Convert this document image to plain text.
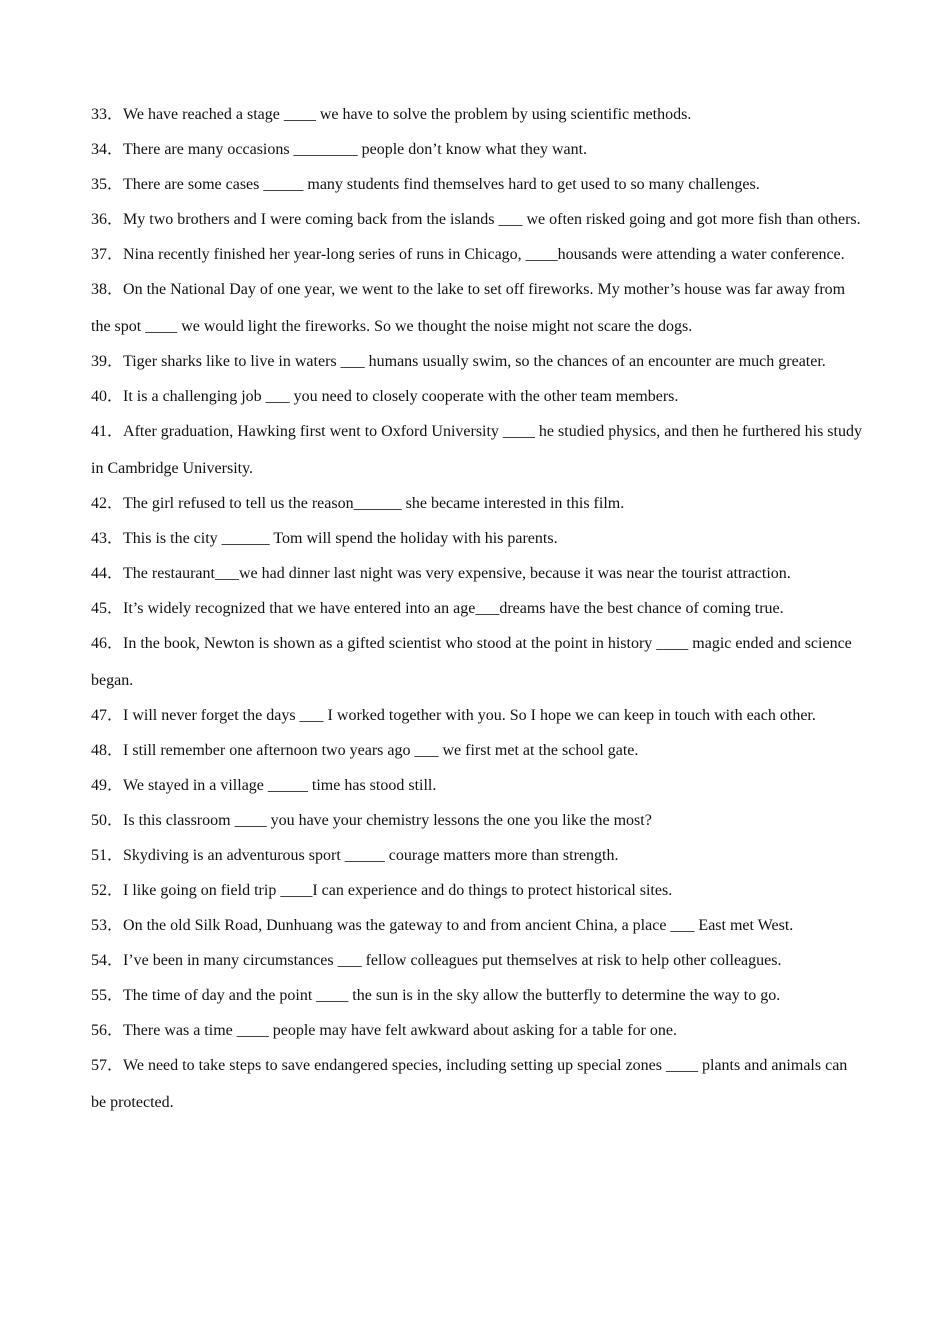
33．We have reached a stage ____ we have to solve the problem by using scientific methods.
34．There are many occasions ________ people don’t know what they want.
35．There are some cases _____ many students find themselves hard to get used to so many challenges.
36．My two brothers and I were coming back from the islands ___ we often risked going and got more fish than others.
37．Nina recently finished her year-long series of runs in Chicago, ____housands were attending a water conference.
38．On the National Day of one year, we went to the lake to set off fireworks. My mother’s house was far away from the spot ____ we would light the fireworks. So we thought the noise might not scare the dogs.
39．Tiger sharks like to live in waters ___ humans usually swim, so the chances of an encounter are much greater.
40．It is a challenging job ___ you need to closely cooperate with the other team members.
41．After graduation, Hawking first went to Oxford University ____ he studied physics, and then he furthered his study in Cambridge University.
42．The girl refused to tell us the reason______ she became interested in this film.
43．This is the city ______ Tom will spend the holiday with his parents.
44．The restaurant___we had dinner last night was very expensive, because it was near the tourist attraction.
45．It’s widely recognized that we have entered into an age___dreams have the best chance of coming true.
46．In the book, Newton is shown as a gifted scientist who stood at the point in history ____ magic ended and science began.
47．I will never forget the days ___ I worked together with you. So I hope we can keep in touch with each other.
48．I still remember one afternoon two years ago ___ we first met at the school gate.
49．We stayed in a village _____ time has stood still.
50．Is this classroom ____ you have your chemistry lessons the one you like the most?
51．Skydiving is an adventurous sport _____ courage matters more than strength.
52．I like going on field trip ____I can experience and do things to protect historical sites.
53．On the old Silk Road, Dunhuang was the gateway to and from ancient China, a place ___ East met West.
54．I’ve been in many circumstances ___ fellow colleagues put themselves at risk to help other colleagues.
55．The time of day and the point ____ the sun is in the sky allow the butterfly to determine the way to go.
56．There was a time ____ people may have felt awkward about asking for a table for one.
57．We need to take steps to save endangered species, including setting up special zones ____ plants and animals can be protected.
